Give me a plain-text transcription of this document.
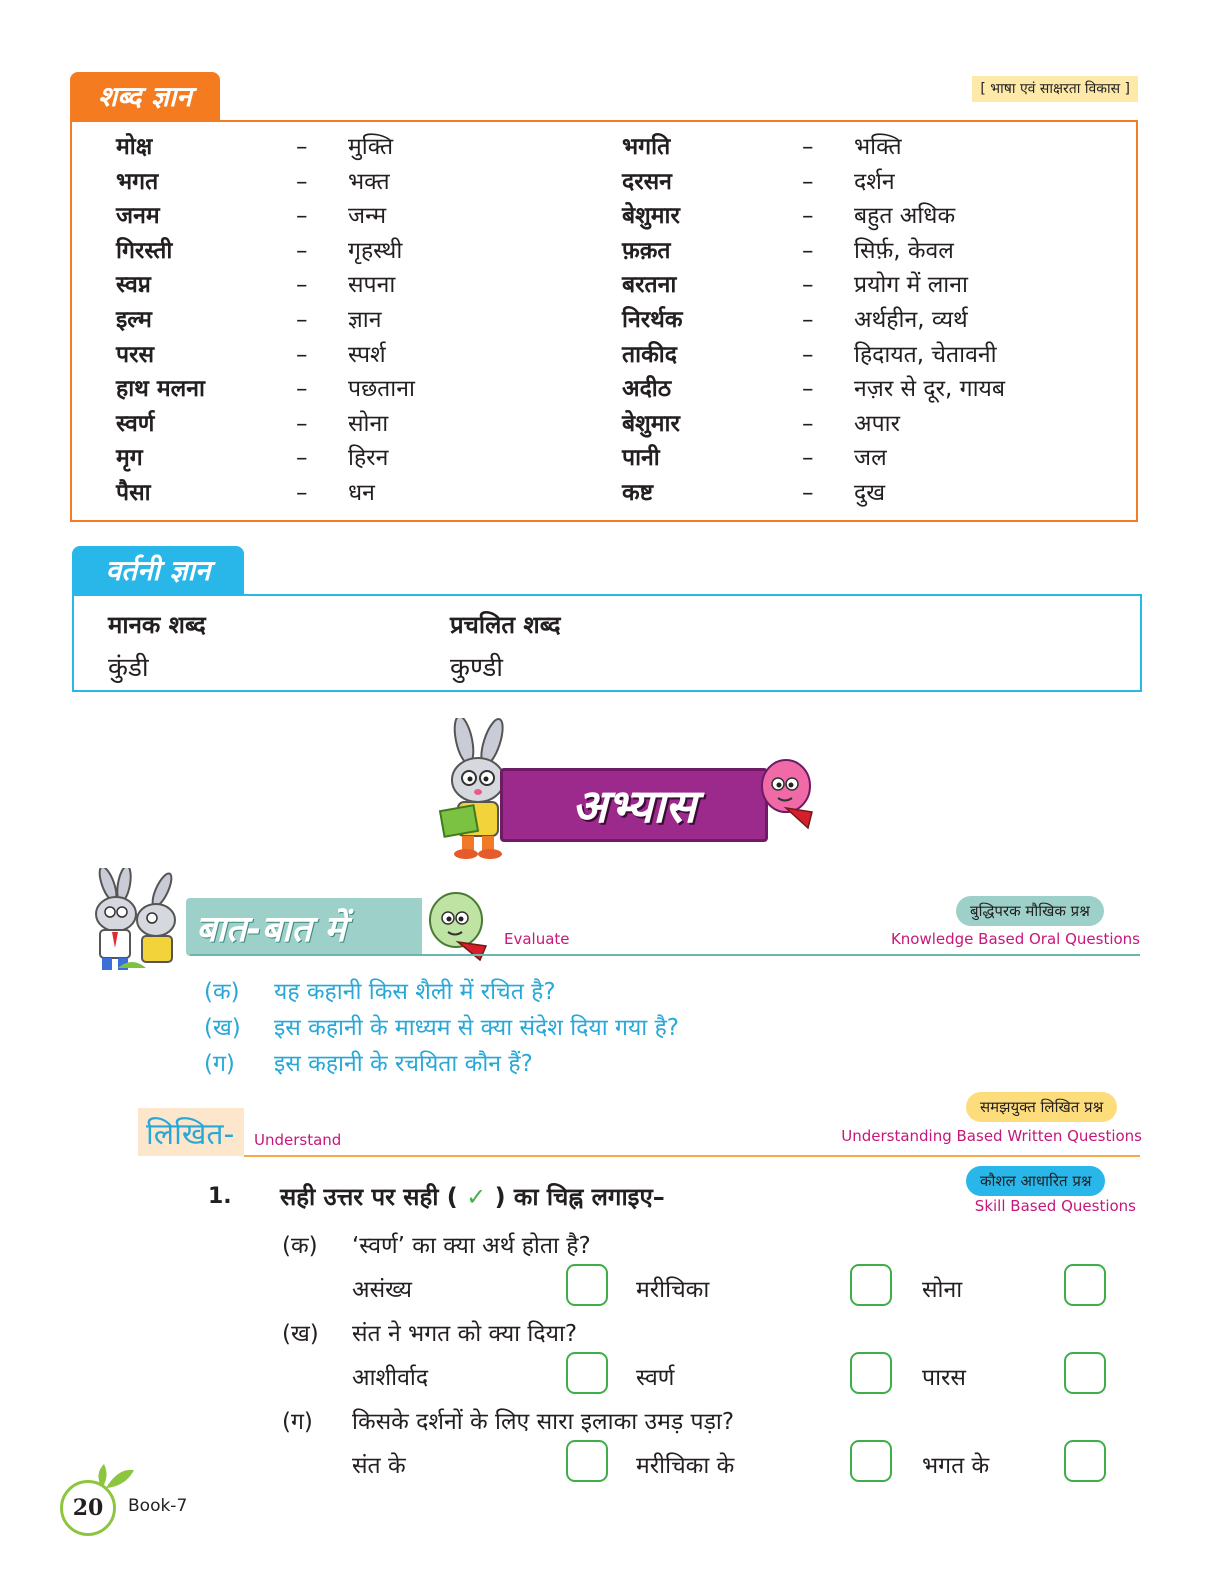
शब्द ज्ञान	[ भाषा एवं साक्षरता विकास ]
मोक्ष	– मुक्ति
भगत	– भक्त
जनम	– जन्म
गिरस्ती	– गृहस्थी
स्वप्न	– सपना
इल्म	– ज्ञान
परस	– स्पर्श
हाथ मलना	– पछताना
स्वर्ण	– सोना
मृग	– हिरन
पैसा	– धन
भगति	– भक्ति
दरसन	– दर्शन
बेशुमार	– बहुत अधिक
फ़क़त	– सिर्फ़, केवल
बरतना	– प्रयोग में लाना
निरर्थक	– अर्थहीन, व्यर्थ
ताकीद	– हिदायत, चेतावनी
अदीठ	– नज़र से दूर, गायब
बेशुमार	– अपार
पानी	– जल
कष्ट	– दुख
वर्तनी ज्ञान
मानक शब्द	प्रचलित शब्द
कुंडी	कुण्डी
अभ्यास
बात-बात में	Evaluate
बुद्धिपरक मौखिक प्रश्न
Knowledge Based Oral Questions
(क) यह कहानी किस शैली में रचित है?
(ख) इस कहानी के माध्यम से क्या संदेश दिया गया है?
(ग) इस कहानी के रचयिता कौन हैं?
लिखित-	Understand
समझयुक्त लिखित प्रश्न
Understanding Based Written Questions
कौशल आधारित प्रश्न
Skill Based Questions
1. सही उत्तर पर सही ( ✓ ) का चिह्न लगाइए–
(क) ‘स्वर्ण’ का क्या अर्थ होता है?
असंख्य	मरीचिका	सोना
(ख) संत ने भगत को क्या दिया?
आशीर्वाद	स्वर्ण	पारस
(ग) किसके दर्शनों के लिए सारा इलाका उमड़ पड़ा?
संत के	मरीचिका के	भगत के
20	Book-7
